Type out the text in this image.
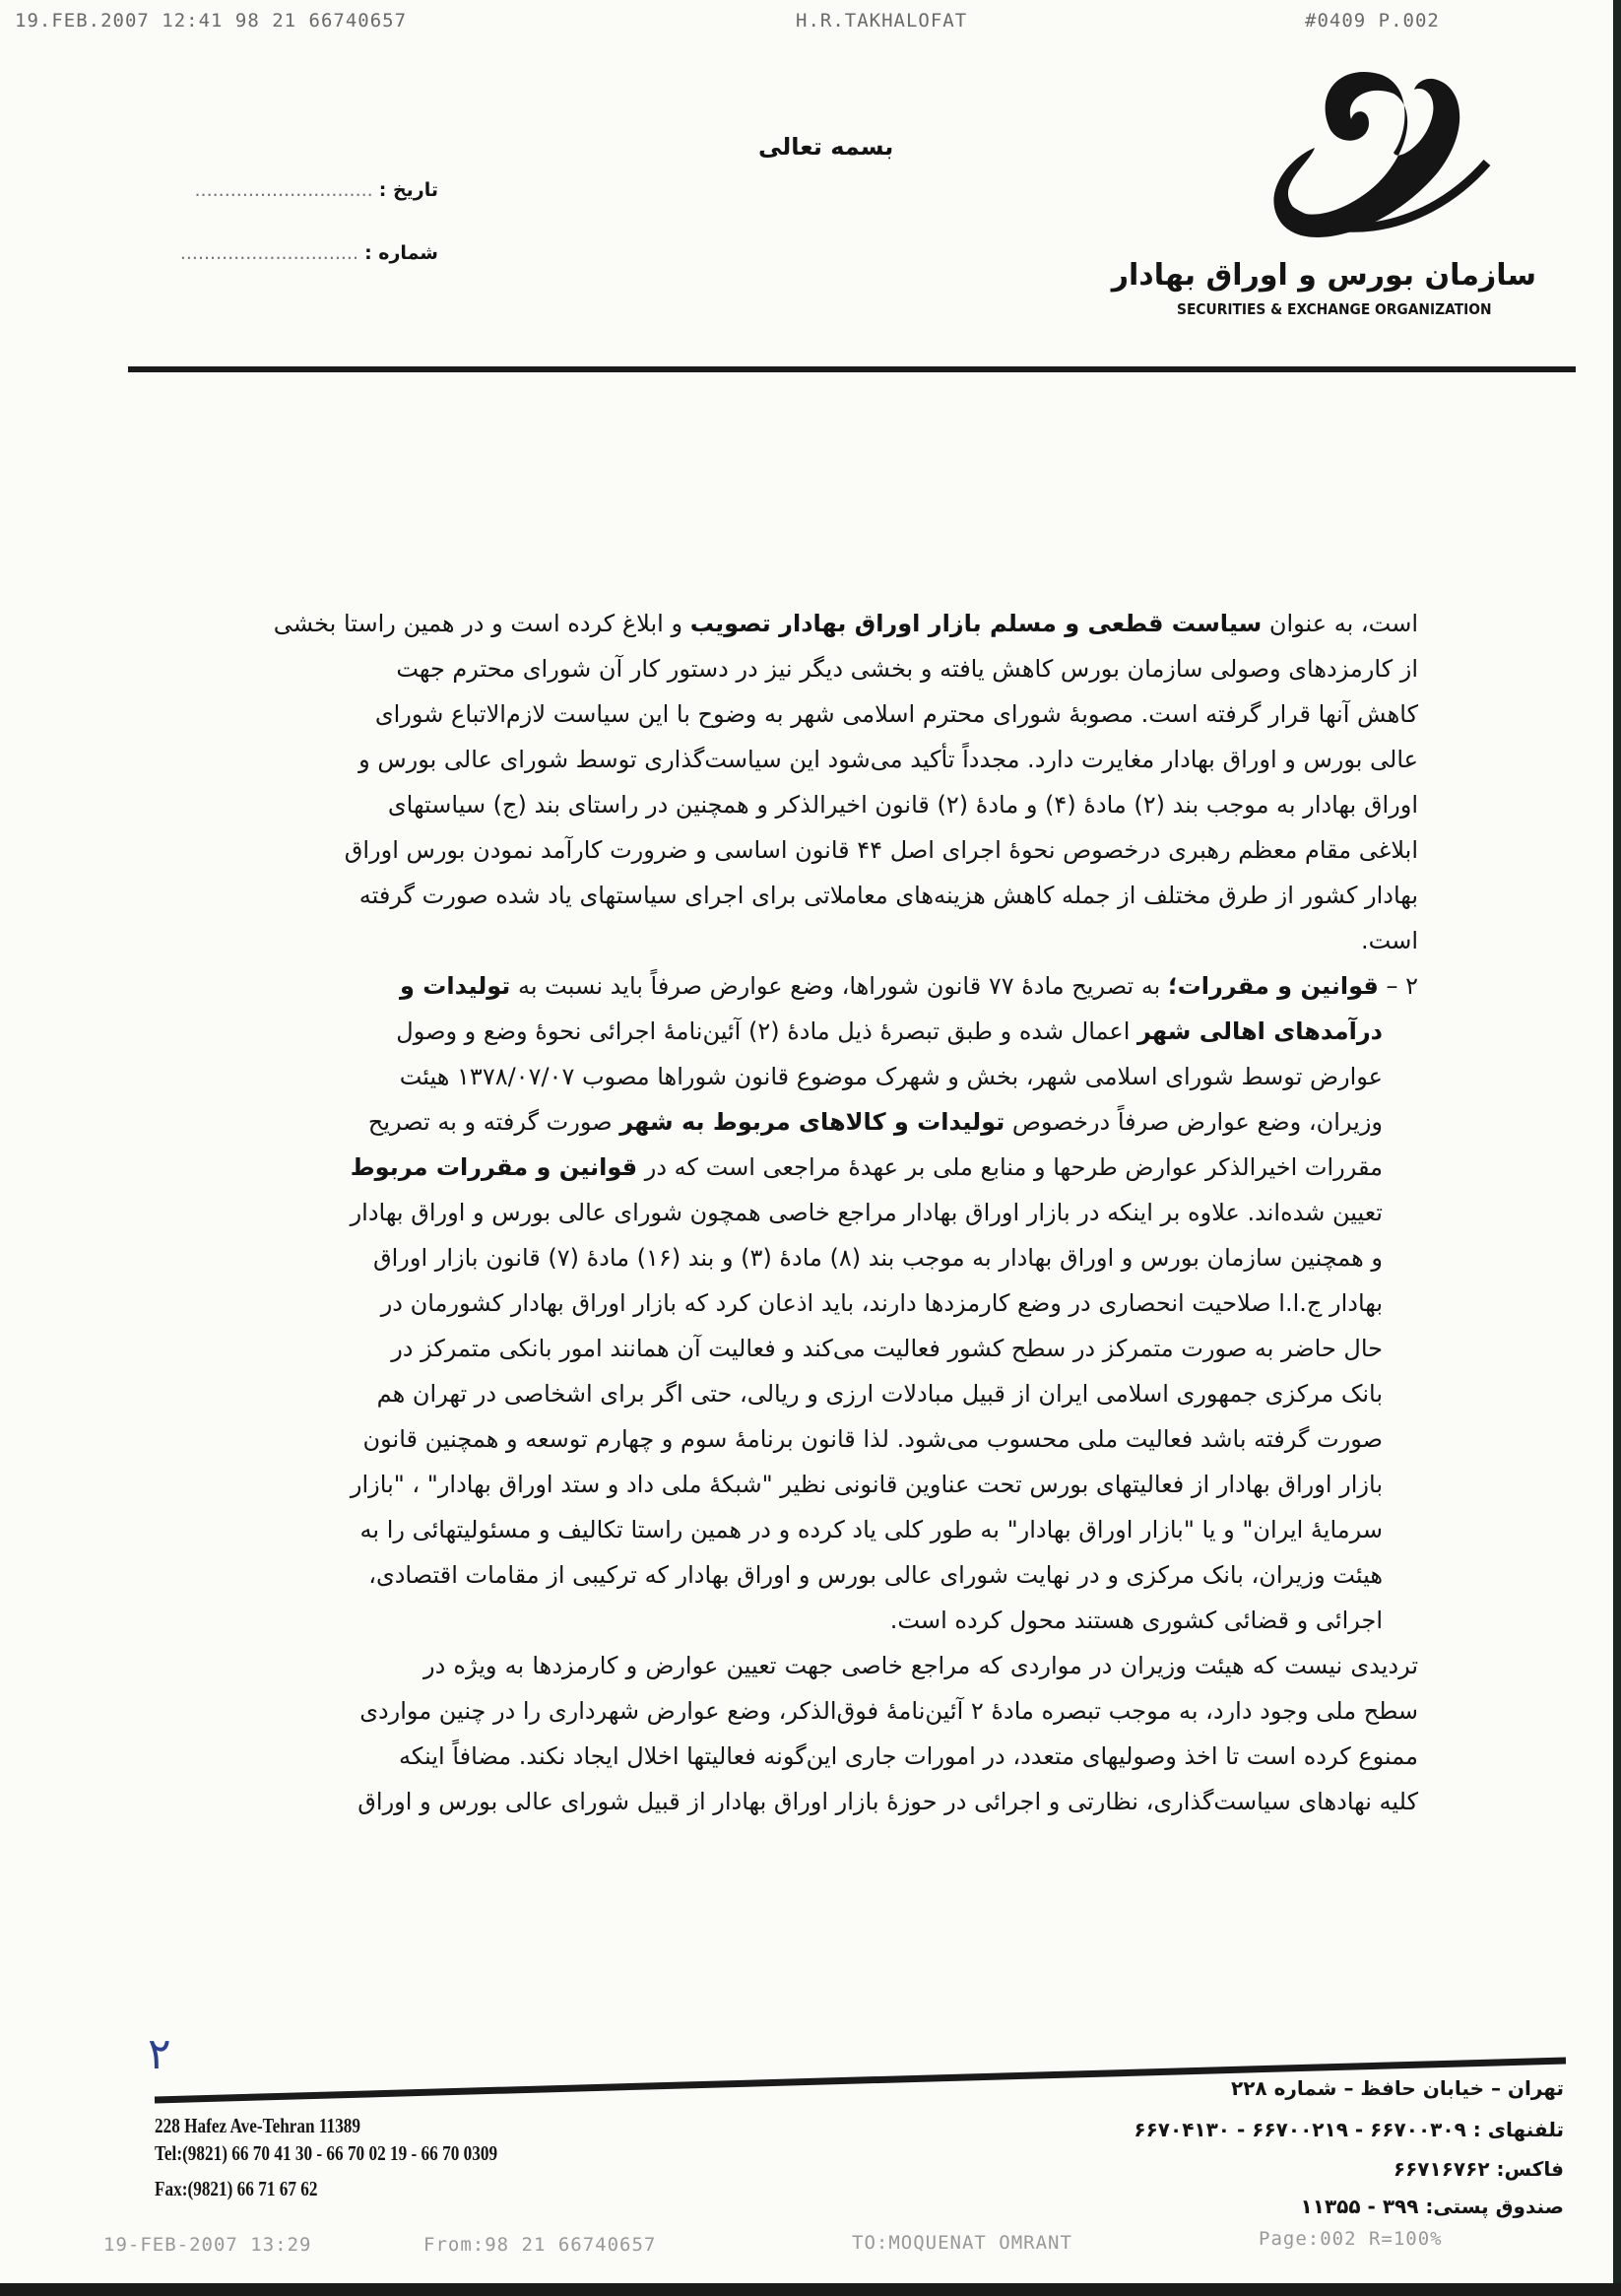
19.FEB.2007 12:41 98 21 66740657	H.R.TAKHALOFAT	#0409 P.002
بسمه تعالی
تاریخ : ..............................
شماره : ..............................
سازمان بورس و اوراق بهادار
SECURITIES & EXCHANGE ORGANIZATION
است، به عنوان سیاست قطعی و مسلم بازار اوراق بهادار تصویب و ابلاغ کرده است و در همین راستا بخشی
از کارمزدهای وصولی سازمان بورس کاهش یافته و بخشی دیگر نیز در دستور کار آن شورای محترم جهت
کاهش آنها قرار گرفته است. مصوبهٔ شورای محترم اسلامی شهر به وضوح با این سیاست لازم‌الاتباع شورای
عالی بورس و اوراق بهادار مغایرت دارد. مجدداً تأکید می‌شود این سیاست‌گذاری توسط شورای عالی بورس و
اوراق بهادار به موجب بند (۲) مادهٔ (۴) و مادهٔ (۲) قانون اخیرالذکر و همچنین در راستای بند (ج) سیاستهای
ابلاغی مقام معظم رهبری درخصوص نحوهٔ اجرای اصل ۴۴ قانون اساسی و ضرورت کارآمد نمودن بورس اوراق
بهادار کشور از طرق مختلف از جمله کاهش هزینه‌های معاملاتی برای اجرای سیاستهای یاد شده صورت گرفته
است.
۲ – قوانین و مقررات؛ به تصریح مادهٔ ۷۷ قانون شوراها، وضع عوارض صرفاً باید نسبت به تولیدات و
درآمدهای اهالی شهر اعمال شده و طبق تبصرهٔ ذیل مادهٔ (۲) آئین‌نامهٔ اجرائی نحوهٔ وضع و وصول
عوارض توسط شورای اسلامی شهر، بخش و شهرک موضوع قانون شوراها مصوب ۱۳۷۸/۰۷/۰۷ هیئت
وزیران، وضع عوارض صرفاً درخصوص تولیدات و کالاهای مربوط به شهر صورت گرفته و به تصریح
مقررات اخیرالذکر عوارض طرحها و منابع ملی بر عهدهٔ مراجعی است که در قوانین و مقررات مربوط
تعیین شده‌اند. علاوه بر اینکه در بازار اوراق بهادار مراجع خاصی همچون شورای عالی بورس و اوراق بهادار
و همچنین سازمان بورس و اوراق بهادار به موجب بند (۸) مادهٔ (۳) و بند (۱۶) مادهٔ (۷) قانون بازار اوراق
بهادار ج.ا.ا صلاحیت انحصاری در وضع کارمزدها دارند، باید اذعان کرد که بازار اوراق بهادار کشورمان در
حال حاضر به صورت متمرکز در سطح کشور فعالیت می‌کند و فعالیت آن همانند امور بانکی متمرکز در
بانک مرکزی جمهوری اسلامی ایران از قبیل مبادلات ارزی و ریالی، حتی اگر برای اشخاصی در تهران هم
صورت گرفته باشد فعالیت ملی محسوب می‌شود. لذا قانون برنامهٔ سوم و چهارم توسعه و همچنین قانون
بازار اوراق بهادار از فعالیتهای بورس تحت عناوین قانونی نظیر "شبکهٔ ملی داد و ستد اوراق بهادار" ، "بازار
سرمایهٔ ایران" و یا "بازار اوراق بهادار" به طور کلی یاد کرده و در همین راستا تکالیف و مسئولیتهائی را به
هیئت وزیران، بانک مرکزی و در نهایت شورای عالی بورس و اوراق بهادار که ترکیبی از مقامات اقتصادی،
اجرائی و قضائی کشوری هستند محول کرده است.
تردیدی نیست که هیئت وزیران در مواردی که مراجع خاصی جهت تعیین عوارض و کارمزدها به ویژه در
سطح ملی وجود دارد، به موجب تبصره مادهٔ ۲ آئین‌نامهٔ فوق‌الذکر، وضع عوارض شهرداری را در چنین مواردی
ممنوع کرده است تا اخذ وصولیهای متعدد، در امورات جاری این‌گونه فعالیتها اخلال ایجاد نکند. مضافاً اینکه
کلیه نهادهای سیاست‌گذاری، نظارتی و اجرائی در حوزهٔ بازار اوراق بهادار از قبیل شورای عالی بورس و اوراق
۲
228 Hafez Ave-Tehran 11389
Tel:(9821) 66 70 41 30 - 66 70 02 19 - 66 70 0309
Fax:(9821) 66 71 67 62
تهران – خیابان حافظ – شماره ۲۲۸
تلفنهای : ۶۶۷۰۰۳۰۹ - ۶۶۷۰۰۲۱۹ - ۶۶۷۰۴۱۳۰
فاکس: ۶۶۷۱۶۷۶۲
صندوق پستی: ۳۹۹ - ۱۱۳۵۵
19-FEB-2007 13:29	From:98 21 66740657	TO:MOQUENAT OMRANT	Page:002 R=100%
